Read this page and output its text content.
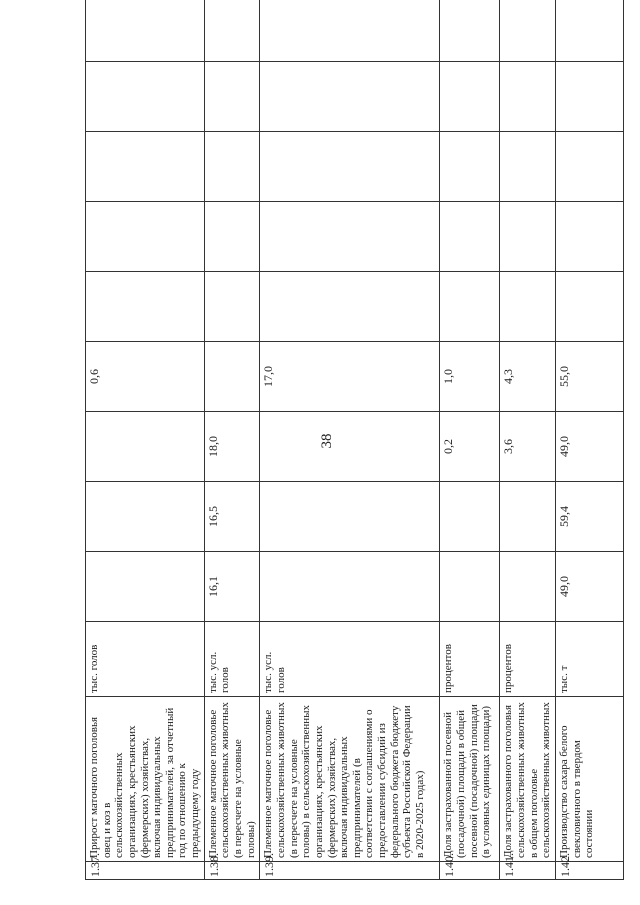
38
1.37.	Прирост маточного поголовья овец и коз в сельскохозяйственных организациях, крестьянских (фермерских) хозяйствах, включая индивидуальных предпринимателей, за отчетный год по отношению к предыдущему году	тыс. голов				0,6					
1.38.	Племенное маточное поголовье сельскохозяйственных животных (в пересчете на условные головы)	тыс. усл. голов	16,1	16,5	18,0						
1.39.	Племенное маточное поголовье сельскохозяйственных животных (в пересчете на условные головы) в сельскохозяйственных организациях, крестьянских (фермерских) хозяйствах, включая индивидуальных предпринимателей (в соответствии с соглашениями о предоставлении субсидий из федерального бюджета бюджету субъекта Российской Федерации в 2020-2025 годах)	тыс. усл. голов				17,0					
1.40.	Доля застрахованной посевной (посадочной) площади в общей посевной (посадочной) площади (в условных единицах площади)	процентов			0,2	1,0					
1.41.	Доля застрахованного поголовья сельскохозяйственных животных в общем поголовье сельскохозяйственных животных	процентов			3,6	4,3					
1.42.	Производство сахара белого свекловичного в твердом состоянии	тыс. т	49,0	59,4	49,0	55,0					
